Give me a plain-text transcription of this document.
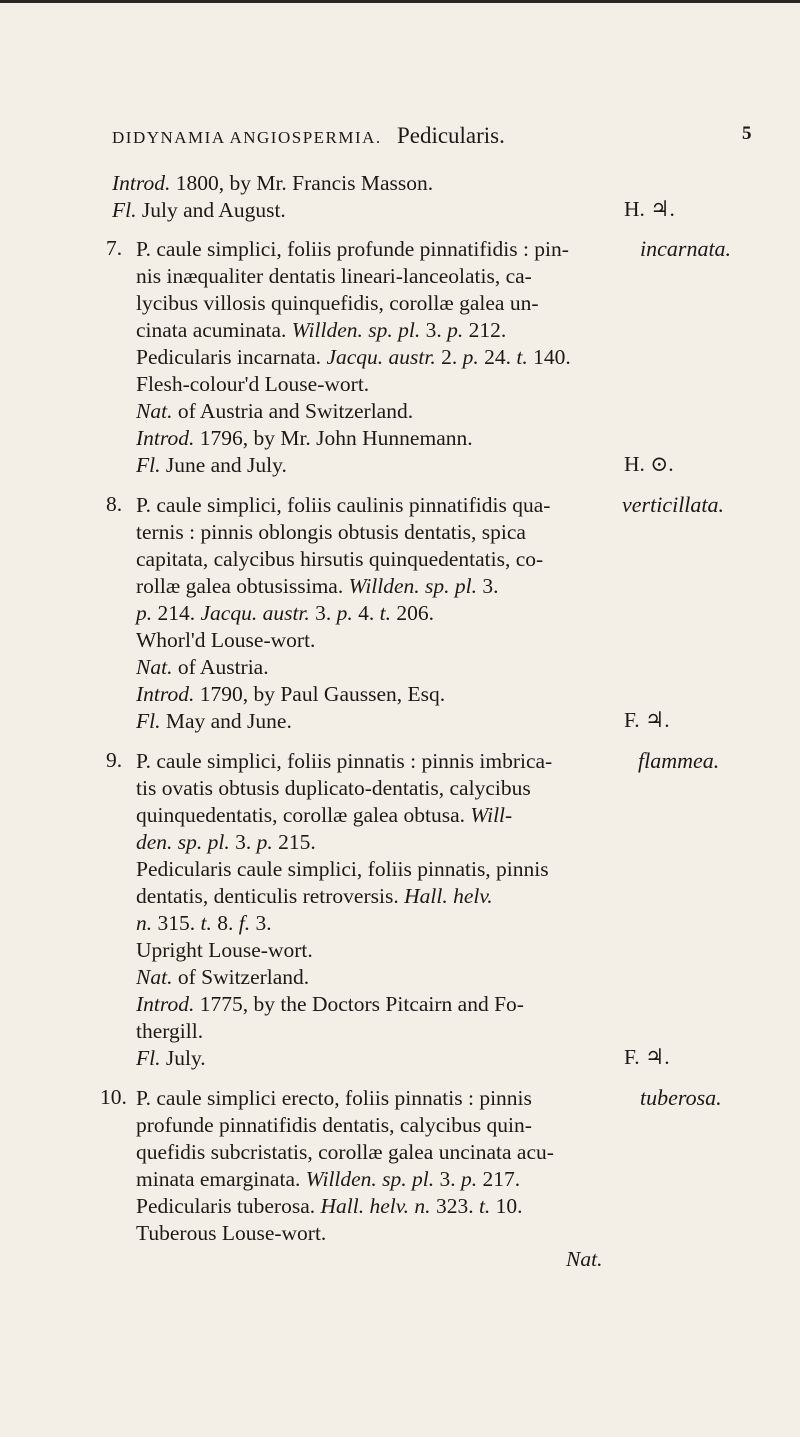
DIDYNAMIA ANGIOSPERMIA. Pedicularis.	5
Introd. 1800, by Mr. Francis Masson.
Fl. July and August.	H. ♃.
7. P. caule simplici, foliis profunde pinnatifidis : pin-
nis inæqualiter dentatis lineari-lanceolatis, ca-
lycibus villosis quinquefidis, corollæ galea un-
cinata acuminata. Willden. sp. pl. 3. p. 212.
Pedicularis incarnata. Jacqu. austr. 2. p. 24. t. 140.
Flesh-colour'd Louse-wort.
Nat. of Austria and Switzerland.
Introd. 1796, by Mr. John Hunnemann.
Fl. June and July.	H. ⊙.
8. P. caule simplici, foliis caulinis pinnatifidis qua-
ternis : pinnis oblongis obtusis dentatis, spica
capitata, calycibus hirsutis quinquedentatis, co-
rollæ galea obtusissima. Willden. sp. pl. 3.
p. 214. Jacqu. austr. 3. p. 4. t. 206.
Whorl'd Louse-wort.
Nat. of Austria.
Introd. 1790, by Paul Gaussen, Esq.
Fl. May and June.	F. ♃.
9. P. caule simplici, foliis pinnatis : pinnis imbrica-
tis ovatis obtusis duplicato-dentatis, calycibus
quinquedentatis, corollæ galea obtusa. Will-
den. sp. pl. 3. p. 215.
Pedicularis caule simplici, foliis pinnatis, pinnis
dentatis, denticulis retroversis. Hall. helv.
n. 315. t. 8. f. 3.
Upright Louse-wort.
Nat. of Switzerland.
Introd. 1775, by the Doctors Pitcairn and Fo-
thergill.
Fl. July.	F. ♃.
10. P. caule simplici erecto, foliis pinnatis : pinnis
profunde pinnatifidis dentatis, calycibus quin-
quefidis subcristatis, corollæ galea uncinata acu-
minata emarginata. Willden. sp. pl. 3. p. 217.
Pedicularis tuberosa. Hall. helv. n. 323. t. 10.
Tuberous Louse-wort.
Nat.
incarnata.
verticillata.
flammea.
tuberosa.
